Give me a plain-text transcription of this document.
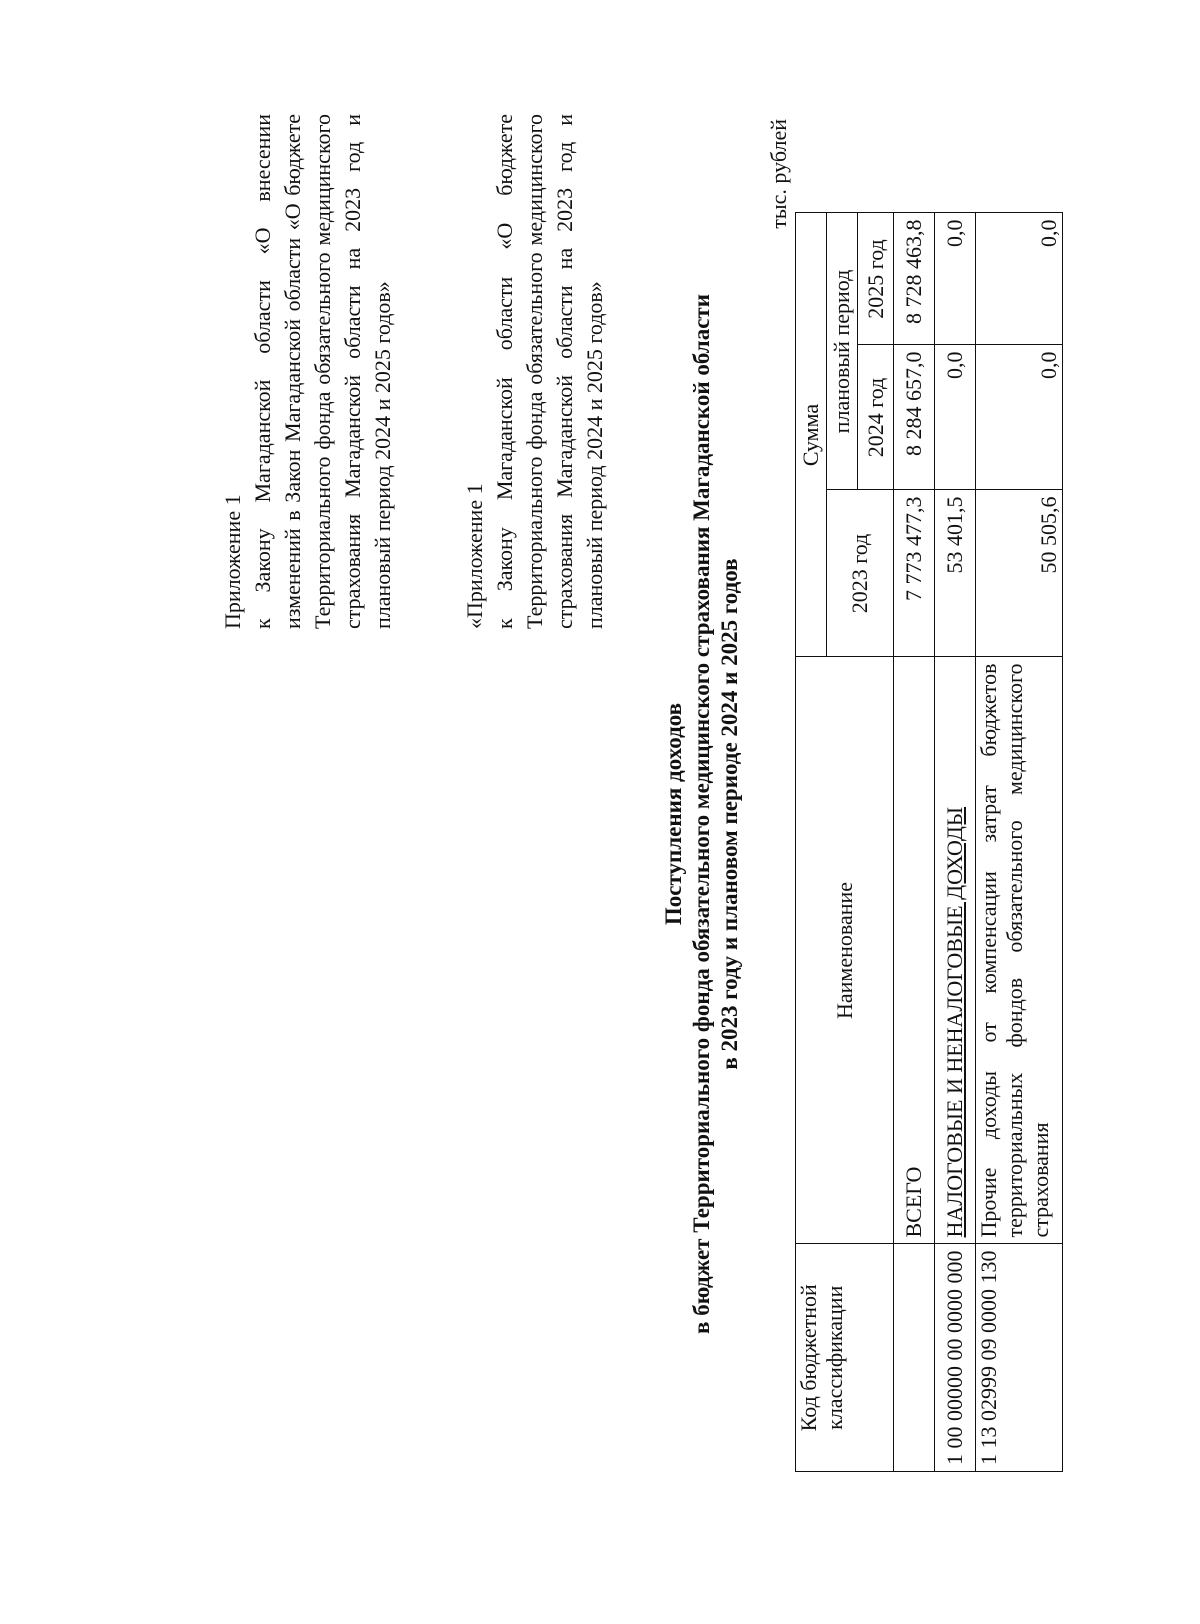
Приложение 1 к Закону Магаданской области «О внесении изменений в Закон Магаданской области «О бюджете Территориального фонда обязательного медицинского страхования Магаданской области на 2023 год и плановый период 2024 и 2025 годов»	«Приложение 1 к Закону Магаданской области «О бюджете Территориального фонда обязательного медицинского страхования Магаданской области на 2023 год и плановый период 2024 и 2025 годов»
Поступления доходов в бюджет Территориального фонда обязательного медицинского страхования Магаданской области в 2023 году и плановом периоде 2024 и 2025 годов
тыс. рублей
Код бюджетной классификации	Наименование	Сумма		
		2023 год	плановый период	
			2024 год	2025 год
	ВСЕГО	7 773 477,3	8 284 657,0	8 728 463,8
1 00 00000 00 0000 000	НАЛОГОВЫЕ И НЕНАЛОГОВЫЕ ДОХОДЫ	53 401,5	0,0	0,0
1 13 02999 09 0000 130	Прочие доходы от компенсации затрат бюджетов территориальных фондов обязательного медицинского страхования	50 505,6	0,0	0,0
